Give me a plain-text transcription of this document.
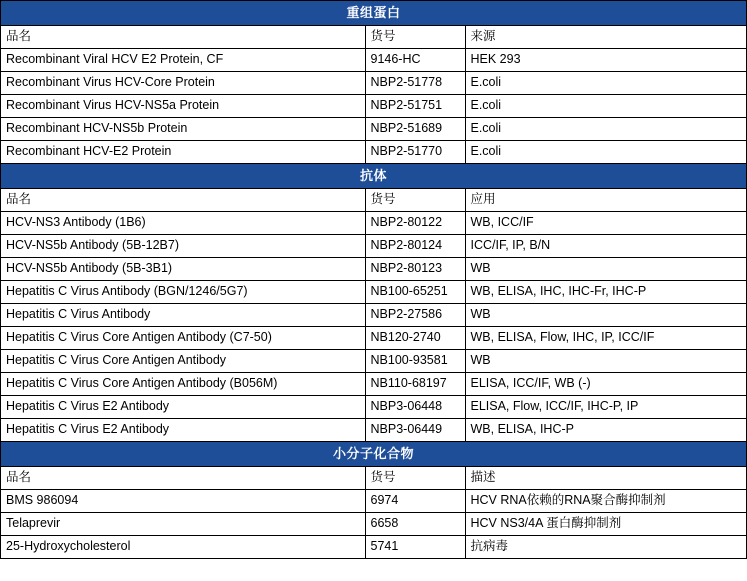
重组蛋白		
品名	货号	来源
Recombinant Viral HCV E2 Protein, CF	9146-HC	HEK 293
Recombinant Virus HCV-Core Protein	NBP2-51778	E.coli
Recombinant Virus HCV-NS5a Protein	NBP2-51751	E.coli
Recombinant HCV-NS5b Protein	NBP2-51689	E.coli
Recombinant HCV-E2 Protein	NBP2-51770	E.coli
抗体		
品名	货号	应用
HCV-NS3 Antibody (1B6)	NBP2-80122	WB, ICC/IF
HCV-NS5b Antibody (5B-12B7)	NBP2-80124	ICC/IF, IP, B/N
HCV-NS5b Antibody (5B-3B1)	NBP2-80123	WB
Hepatitis C Virus Antibody (BGN/1246/5G7)	NB100-65251	WB, ELISA, IHC, IHC-Fr, IHC-P
Hepatitis C Virus Antibody	NBP2-27586	WB
Hepatitis C Virus Core Antigen Antibody (C7-50)	NB120-2740	WB, ELISA, Flow, IHC, IP, ICC/IF
Hepatitis C Virus Core Antigen Antibody	NB100-93581	WB
Hepatitis C Virus Core Antigen Antibody (B056M)	NB110-68197	ELISA, ICC/IF, WB (-)
Hepatitis C Virus E2 Antibody	NBP3-06448	ELISA, Flow, ICC/IF, IHC-P, IP
Hepatitis C Virus E2 Antibody	NBP3-06449	WB, ELISA, IHC-P
小分子化合物		
品名	货号	描述
BMS 986094	6974	HCV RNA依赖的RNA聚合酶抑制剂
Telaprevir	6658	HCV NS3/4A 蛋白酶抑制剂
25-Hydroxycholesterol	5741	抗病毒
